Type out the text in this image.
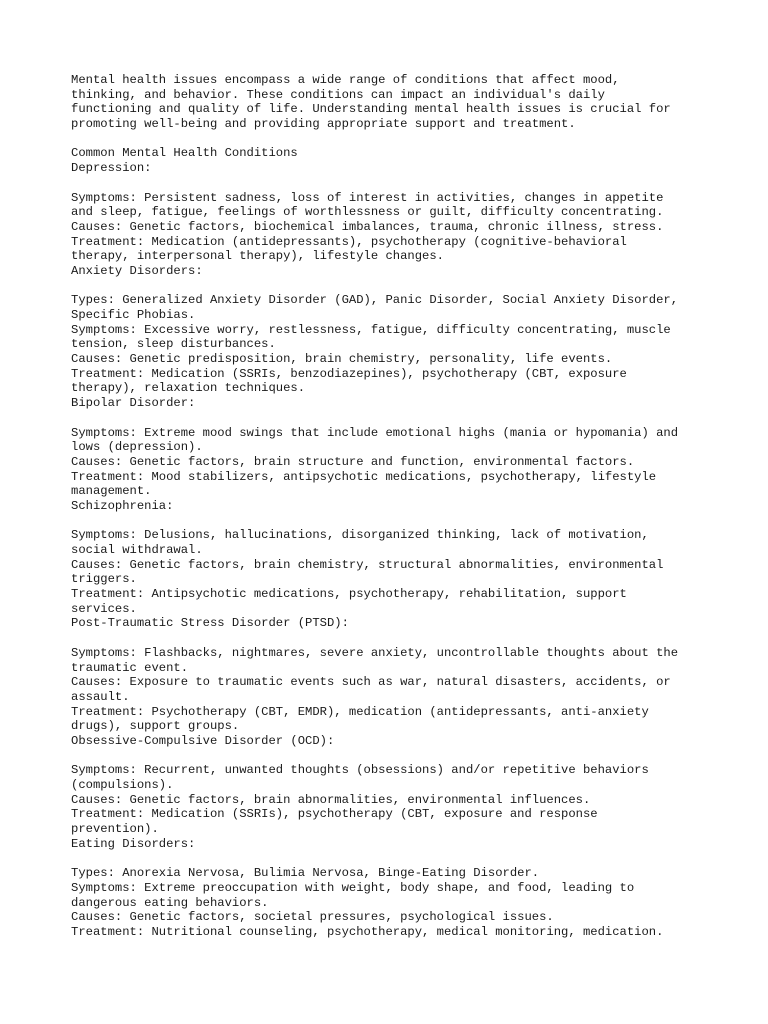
Mental health issues encompass a wide range of conditions that affect mood,
thinking, and behavior. These conditions can impact an individual's daily
functioning and quality of life. Understanding mental health issues is crucial for
promoting well-being and providing appropriate support and treatment.
Common Mental Health Conditions
Depression:
Symptoms: Persistent sadness, loss of interest in activities, changes in appetite
and sleep, fatigue, feelings of worthlessness or guilt, difficulty concentrating.
Causes: Genetic factors, biochemical imbalances, trauma, chronic illness, stress.
Treatment: Medication (antidepressants), psychotherapy (cognitive-behavioral
therapy, interpersonal therapy), lifestyle changes.
Anxiety Disorders:
Types: Generalized Anxiety Disorder (GAD), Panic Disorder, Social Anxiety Disorder,
Specific Phobias.
Symptoms: Excessive worry, restlessness, fatigue, difficulty concentrating, muscle
tension, sleep disturbances.
Causes: Genetic predisposition, brain chemistry, personality, life events.
Treatment: Medication (SSRIs, benzodiazepines), psychotherapy (CBT, exposure
therapy), relaxation techniques.
Bipolar Disorder:
Symptoms: Extreme mood swings that include emotional highs (mania or hypomania) and
lows (depression).
Causes: Genetic factors, brain structure and function, environmental factors.
Treatment: Mood stabilizers, antipsychotic medications, psychotherapy, lifestyle
management.
Schizophrenia:
Symptoms: Delusions, hallucinations, disorganized thinking, lack of motivation,
social withdrawal.
Causes: Genetic factors, brain chemistry, structural abnormalities, environmental
triggers.
Treatment: Antipsychotic medications, psychotherapy, rehabilitation, support
services.
Post-Traumatic Stress Disorder (PTSD):
Symptoms: Flashbacks, nightmares, severe anxiety, uncontrollable thoughts about the
traumatic event.
Causes: Exposure to traumatic events such as war, natural disasters, accidents, or
assault.
Treatment: Psychotherapy (CBT, EMDR), medication (antidepressants, anti-anxiety
drugs), support groups.
Obsessive-Compulsive Disorder (OCD):
Symptoms: Recurrent, unwanted thoughts (obsessions) and/or repetitive behaviors
(compulsions).
Causes: Genetic factors, brain abnormalities, environmental influences.
Treatment: Medication (SSRIs), psychotherapy (CBT, exposure and response
prevention).
Eating Disorders:
Types: Anorexia Nervosa, Bulimia Nervosa, Binge-Eating Disorder.
Symptoms: Extreme preoccupation with weight, body shape, and food, leading to
dangerous eating behaviors.
Causes: Genetic factors, societal pressures, psychological issues.
Treatment: Nutritional counseling, psychotherapy, medical monitoring, medication.
